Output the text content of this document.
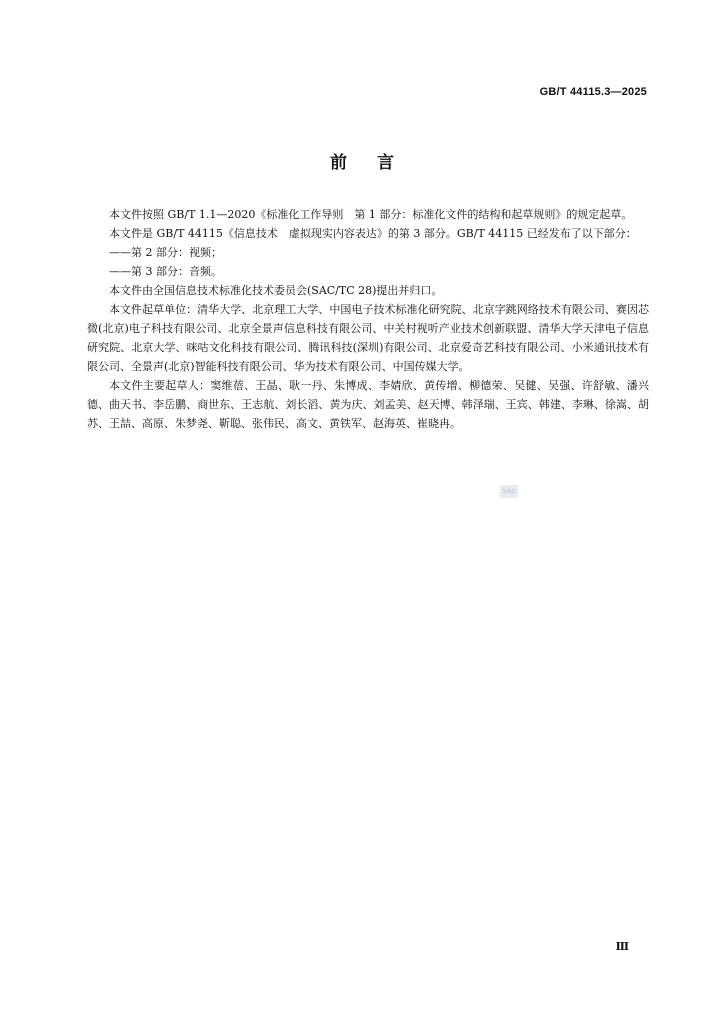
GB/T 44115.3—2025
前言

本文件按照 GB/T 1.1—2020《标准化工作导则　第 1 部分：标准化文件的结构和起草规则》的规定起草。

本文件是 GB/T 44115《信息技术　虚拟现实内容表达》的第 3 部分。GB/T 44115 已经发布了以下部分：

——第 2 部分：视频；

——第 3 部分：音频。

本文件由全国信息技术标准化技术委员会(SAC/TC 28)提出并归口。

本文件起草单位：清华大学、北京理工大学、中国电子技术标准化研究院、北京字跳网络技术有限公司、赛因芯微(北京)电子科技有限公司、北京全景声信息科技有限公司、中关村视听产业技术创新联盟、清华大学天津电子信息研究院、北京大学、咪咕文化科技有限公司、腾讯科技(深圳)有限公司、北京爱奇艺科技有限公司、小米通讯技术有限公司、全景声(北京)智能科技有限公司、华为技术有限公司、中国传媒大学。

本文件主要起草人：窦维蓓、王晶、耿一丹、朱博成、李婧欣、黄传增、柳德荣、吴健、吴强、许舒敏、潘兴德、曲天书、李岳鹏、商世东、王志航、刘长滔、黄为庆、刘孟美、赵天博、韩泽瑞、王宾、韩建、李琳、徐嵩、胡苏、王喆、高原、朱梦尧、靳聪、张伟民、高文、黄铁军、赵海英、崔晓冉。

SAC
Ⅲ
